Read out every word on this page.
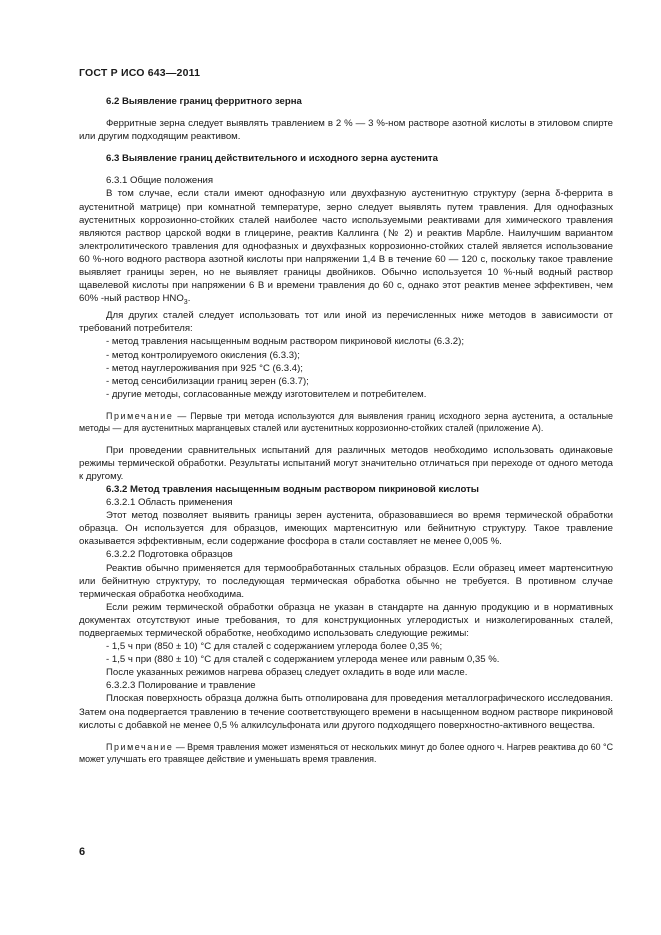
ГОСТ Р ИСО 643—2011

6.2 Выявление границ ферритного зерна

Ферритные зерна следует выявлять травлением в 2 % — 3 %-ном растворе азотной кислоты в этиловом спирте или другим подходящим реактивом.

6.3 Выявление границ действительного и исходного зерна аустенита

6.3.1 Общие положения

В том случае, если стали имеют однофазную или двухфазную аустенитную структуру (зерна δ-феррита в аустенитной матрице) при комнатной температуре, зерно следует выявлять путем травления. Для однофазных аустенитных коррозионно-стойких сталей наиболее часто используемыми реактивами для химического травления являются раствор царской водки в глицерине, реактив Каллинга (№ 2) и реактив Марбле. Наилучшим вариантом электролитического травления для однофазных и двухфазных коррозионно-стойких сталей является использование 60 %-ного водного раствора азотной кислоты при напряжении 1,4 В в течение 60 — 120 с, поскольку такое травление выявляет границы зерен, но не выявляет границы двойников. Обычно используется 10 %-ный водный раствор щавелевой кислоты при напряжении 6 В и времени травления до 60 с, однако этот реактив менее эффективен, чем 60% -ный раствор $HNO_3$.

Для других сталей следует использовать тот или иной из перечисленных ниже методов в зависимости от требований потребителя:

- метод травления насыщенным водным раствором пикриновой кислоты (6.3.2);

- метод контролируемого окисления (6.3.3);

- метод науглероживания при 925 °С (6.3.4);

- метод сенсибилизации границ зерен (6.3.7);

- другие методы, согласованные между изготовителем и потребителем.

Примечание — Первые три метода используются для выявления границ исходного зерна аустенита, а остальные методы — для аустенитных марганцевых сталей или аустенитных коррозионно-стойких сталей (приложение А).

При проведении сравнительных испытаний для различных методов необходимо использовать одинаковые режимы термической обработки. Результаты испытаний могут значительно отличаться при переходе от одного метода к другому.

6.3.2 Метод травления насыщенным водным раствором пикриновой кислоты

6.3.2.1 Область применения

Этот метод позволяет выявить границы зерен аустенита, образовавшиеся во время термической обработки образца. Он используется для образцов, имеющих мартенситную или бейнитную структуру. Такое травление оказывается эффективным, если содержание фосфора в стали составляет не менее 0,005 %.

6.3.2.2 Подготовка образцов

Реактив обычно применяется для термообработанных стальных образцов. Если образец имеет мартенситную или бейнитную структуру, то последующая термическая обработка обычно не требуется. В противном случае термическая обработка необходима.

Если режим термической обработки образца не указан в стандарте на данную продукцию и в нормативных документах отсутствуют иные требования, то для конструкционных углеродистых и низколегированных сталей, подвергаемых термической обработке, необходимо использовать следующие режимы:

- 1,5 ч при (850 ± 10) °С для сталей с содержанием углерода более 0,35 %;

- 1,5 ч при (880 ± 10) °С для сталей с содержанием углерода менее или равным 0,35 %.

После указанных режимов нагрева образец следует охладить в воде или масле.

6.3.2.3 Полирование и травление

Плоская поверхность образца должна быть отполирована для проведения металлографического исследования. Затем она подвергается травлению в течение соответствующего времени в насыщенном водном растворе пикриновой кислоты с добавкой не менее 0,5 % алкилсульфоната или другого подходящего поверхностно-активного вещества.

Примечание — Время травления может изменяться от нескольких минут до более одного ч. Нагрев реактива до 60 °С может улучшать его травящее действие и уменьшать время травления.

6
